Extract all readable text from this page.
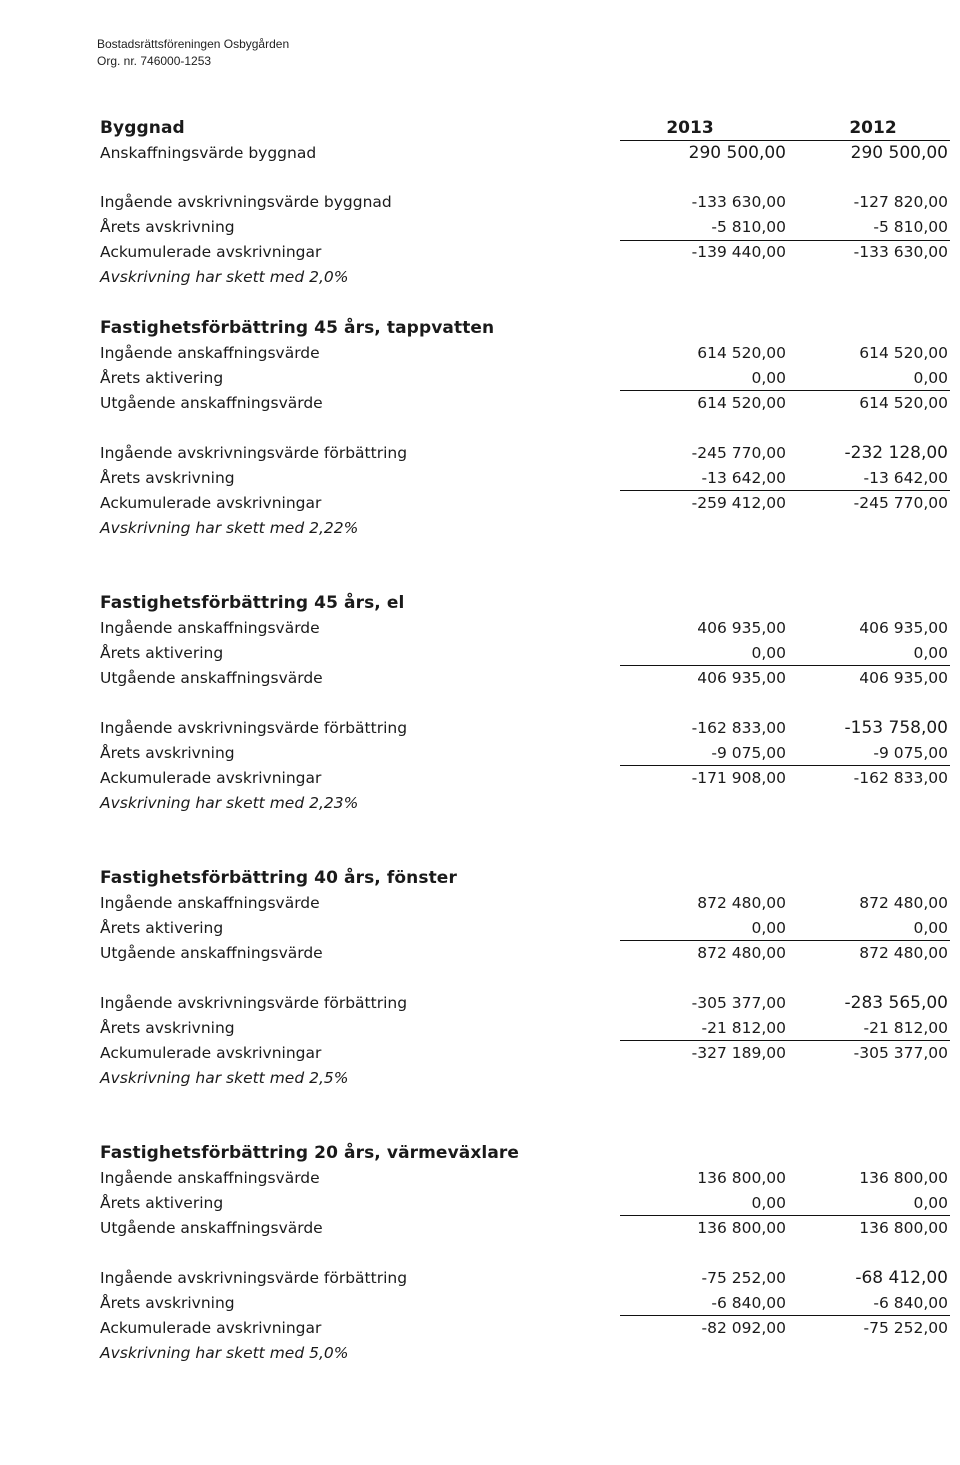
Bostadsrättsföreningen Osbygården
Org. nr. 746000-1253
Byggnad	2013	2012
Anskaffningsvärde byggnad	290 500,00	290 500,00
Ingående avskrivningsvärde byggnad	-133 630,00	-127 820,00
Årets avskrivning	-5 810,00	-5 810,00
Ackumulerade avskrivningar	-139 440,00	-133 630,00
Avskrivning har skett med 2,0%
Fastighetsförbättring 45 års, tappvatten
Ingående anskaffningsvärde	614 520,00	614 520,00
Årets aktivering	0,00	0,00
Utgående anskaffningsvärde	614 520,00	614 520,00
Ingående avskrivningsvärde förbättring	-245 770,00	-232 128,00
Årets avskrivning	-13 642,00	-13 642,00
Ackumulerade avskrivningar	-259 412,00	-245 770,00
Avskrivning har skett med 2,22%
Fastighetsförbättring 45 års, el
Ingående anskaffningsvärde	406 935,00	406 935,00
Årets aktivering	0,00	0,00
Utgående anskaffningsvärde	406 935,00	406 935,00
Ingående avskrivningsvärde förbättring	-162 833,00	-153 758,00
Årets avskrivning	-9 075,00	-9 075,00
Ackumulerade avskrivningar	-171 908,00	-162 833,00
Avskrivning har skett med 2,23%
Fastighetsförbättring 40 års, fönster
Ingående anskaffningsvärde	872 480,00	872 480,00
Årets aktivering	0,00	0,00
Utgående anskaffningsvärde	872 480,00	872 480,00
Ingående avskrivningsvärde förbättring	-305 377,00	-283 565,00
Årets avskrivning	-21 812,00	-21 812,00
Ackumulerade avskrivningar	-327 189,00	-305 377,00
Avskrivning har skett med 2,5%
Fastighetsförbättring 20 års, värmeväxlare
Ingående anskaffningsvärde	136 800,00	136 800,00
Årets aktivering	0,00	0,00
Utgående anskaffningsvärde	136 800,00	136 800,00
Ingående avskrivningsvärde förbättring	-75 252,00	-68 412,00
Årets avskrivning	-6 840,00	-6 840,00
Ackumulerade avskrivningar	-82 092,00	-75 252,00
Avskrivning har skett med 5,0%
